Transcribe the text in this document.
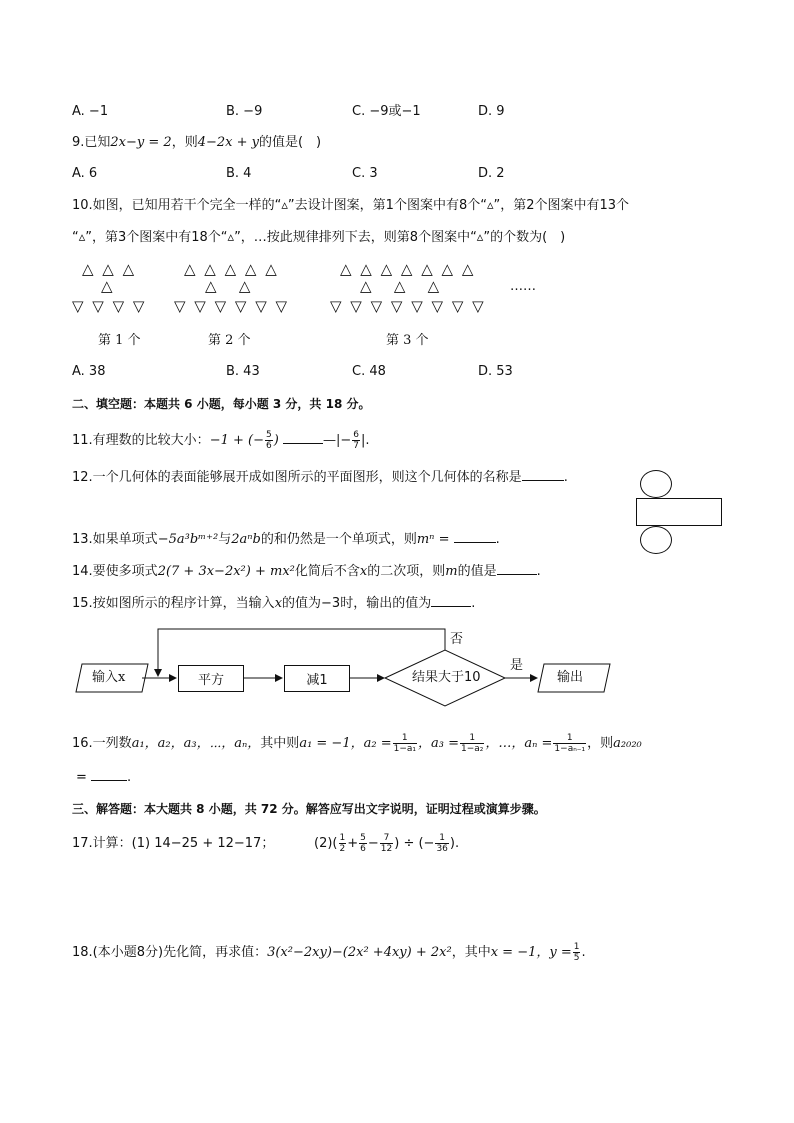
A. −1	B. −9	C. −9或−1	D. 9
9.已知2x−y = 2，则4−2x + y的值是(　)
A. 6	B. 4	C. 3	D. 2
10.如图，已知用若干个完全一样的“▵”去设计图案，第1个图案中有8个“▵”，第2个图案中有13个
“▵”，第3个图案中有18个“▵”，…按此规律排列下去，则第8个图案中“▵”的个数为(　)
△ △ △
△
▽ ▽ ▽ ▽
第 1 个
△ △ △ △ △
△   △
▽ ▽ ▽ ▽ ▽ ▽
第 2 个
△ △ △ △ △ △ △
△   △   △
▽ ▽ ▽ ▽ ▽ ▽ ▽ ▽
第 3 个
……
A. 38	B. 43	C. 48	D. 53
二、填空题：本题共 6 小题，每小题 3 分，共 18 分。
11.有理数的比较大小：−1 + (− $\frac{5}{6}$ )	—|− $\frac{6}{7}$ |.
12.一个几何体的表面能够展开成如图所示的平面图形，则这个几何体的名称是	.
13.如果单项式−5a³bᵐ⁺²与2aⁿb的和仍然是一个单项式，则mⁿ =	.
14.要使多项式2(7 + 3x−2x²) + mx²化简后不含x的二次项，则m的值是	.
15.按如图所示的程序计算，当输入x的值为−3时，输出的值为	.
输入x	平方	减1	结果大于10
是
否
输出
16.一列数a₁，a₂，a₃，⋯，aₙ，其中则a₁ = −1，$a_2 = \frac{1}{\text{1−a₁}}$ ，$a_3 = \frac{1}{\text{1−a₂}}$ ，…，$a_n = \frac{1}{\text{1−aₙ₋₁}}$ ，则a₂₀₂₀
=	.
三、解答题：本大题共 8 小题，共 72 分。解答应写出文字说明，证明过程或演算步骤。
17.计算：(1) 14−25 + 12−17；	$(2)( \frac{1}{2} + \frac{5}{6} - \frac{7}{12}$ ) ÷ (− $\frac{1}{36}$ ).
18.(本小题8分)先化简，再求值：3(x²−2xy)−(2x² +4xy) + 2x²，其中x = −1，$y = \frac{1}{5}$ .
